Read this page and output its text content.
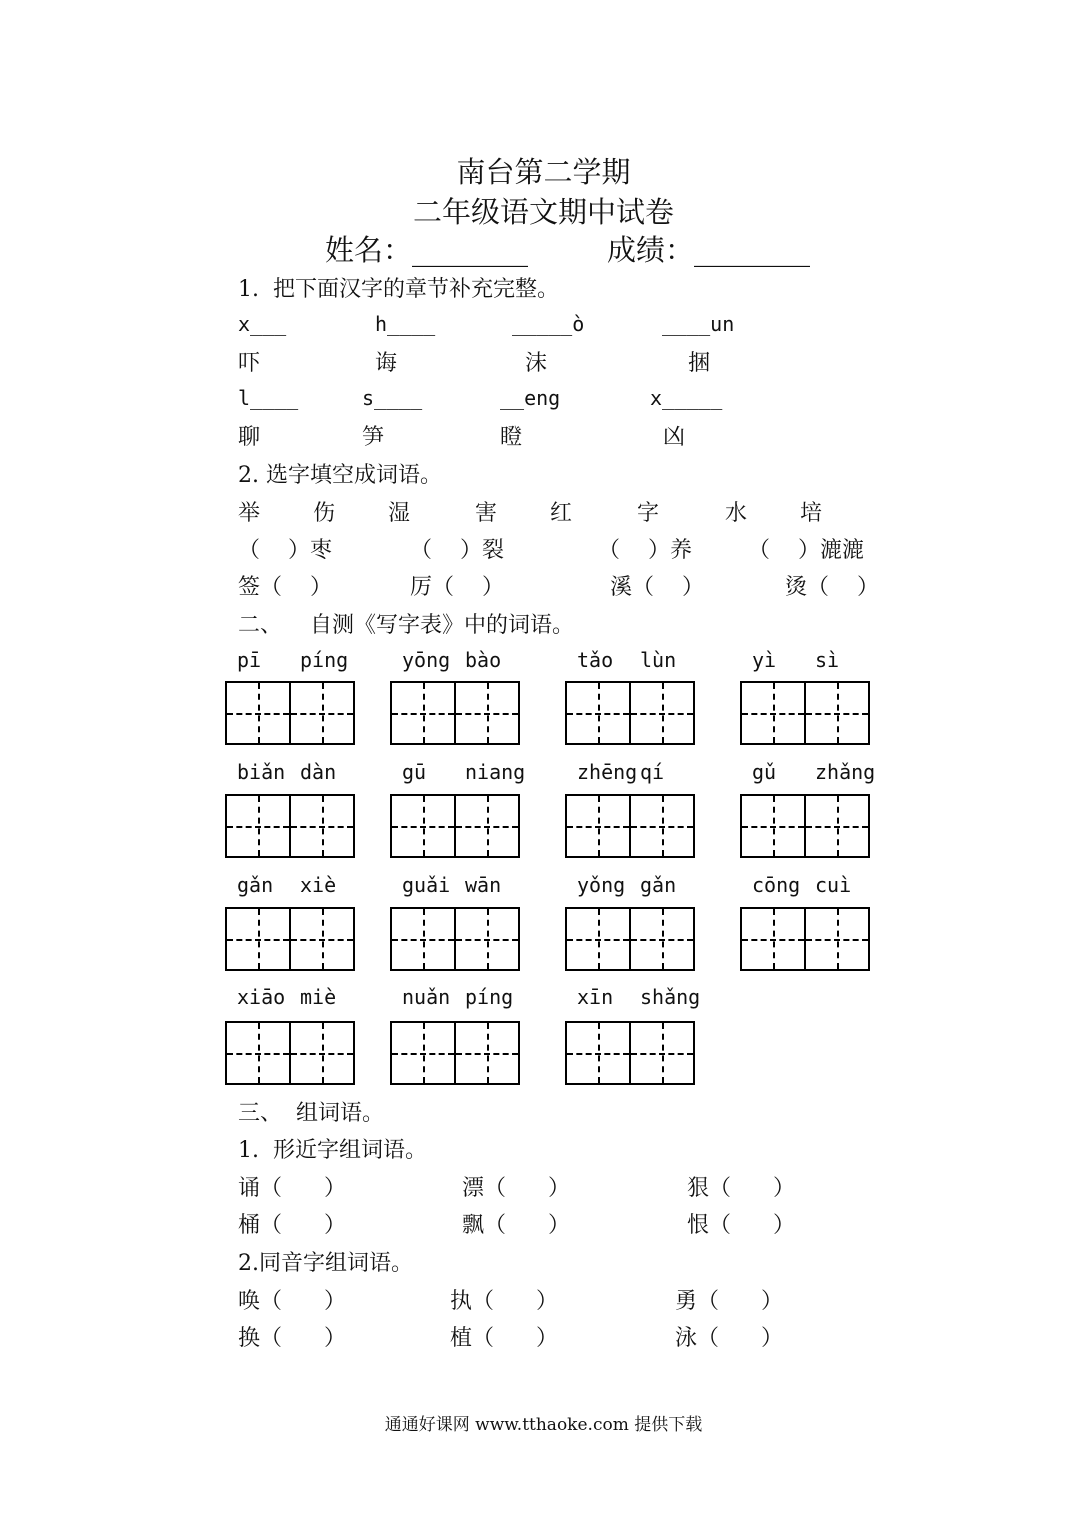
南台第二学期
二年级语文期中试卷
姓名：________	成绩：________
1.  把下面汉字的章节补充完整。
x___	h____	_____ò	____un
吓	诲	沫	捆
l____	s____	__eng	x_____
聊	笋	瞪	凶
2. 选字填空成词语。
举 伤 湿	害 红	字	水 培
（    ）枣	（    ）裂	（    ）养	（    ）漉漉
签（    ）	厉（    ）	溪（    ）	烫（    ）
二、    自测《写字表》中的词语。
pī píng	yōng bào	tǎo lùn	yì sì
biǎn dàn	gū niang	zhēng qí	gǔ zhǎng
gǎn xiè	guǎi wān	yǒng gǎn	cōng cuì
xiāo miè	nuǎn píng	xīn shǎng
三、  组词语。
1.  形近字组词语。
诵（      ）	漂（      ）	狠（      ）
桶（      ）	飘（      ）	恨（      ）
2.同音字组词语。
唤（      ）	执（      ）	勇（      ）
换（      ）	植（      ）	泳（      ）
通通好课网 www.tthaoke.com 提供下载
